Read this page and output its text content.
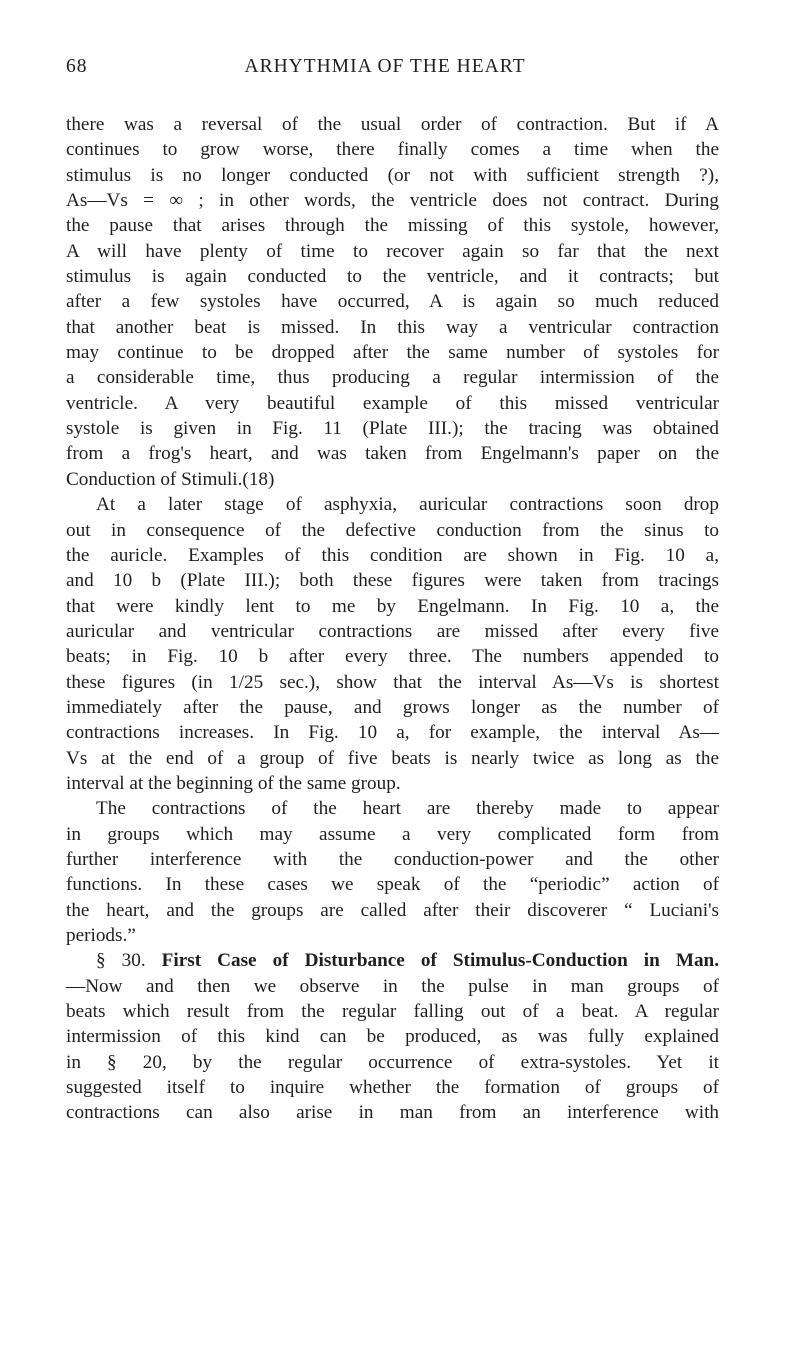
68	ARHYTHMIA OF THE HEART
there was a reversal of the usual order of contraction. But if A
continues to grow worse, there finally comes a time when the
stimulus is no longer conducted (or not with sufficient strength ?),
As—Vs = ∞ ; in other words, the ventricle does not contract. During
the pause that arises through the missing of this systole, however,
A will have plenty of time to recover again so far that the next
stimulus is again conducted to the ventricle, and it contracts; but
after a few systoles have occurred, A is again so much reduced
that another beat is missed. In this way a ventricular contraction
may continue to be dropped after the same number of systoles for
a considerable time, thus producing a regular intermission of the
ventricle. A very beautiful example of this missed ventricular
systole is given in Fig. 11 (Plate III.); the tracing was obtained
from a frog's heart, and was taken from Engelmann's paper on the
Conduction of Stimuli.(18)
At a later stage of asphyxia, auricular contractions soon drop
out in consequence of the defective conduction from the sinus to
the auricle. Examples of this condition are shown in Fig. 10 a,
and 10 b (Plate III.); both these figures were taken from tracings
that were kindly lent to me by Engelmann. In Fig. 10 a, the
auricular and ventricular contractions are missed after every five
beats; in Fig. 10 b after every three. The numbers appended to
these figures (in 1/25 sec.), show that the interval As—Vs is shortest
immediately after the pause, and grows longer as the number of
contractions increases. In Fig. 10 a, for example, the interval As—
Vs at the end of a group of five beats is nearly twice as long as the
interval at the beginning of the same group.
The contractions of the heart are thereby made to appear
in groups which may assume a very complicated form from
further interference with the conduction-power and the other
functions. In these cases we speak of the “periodic” action of
the heart, and the groups are called after their discoverer “ Luciani's
periods.”
§ 30. First Case of Disturbance of Stimulus-Conduction in Man.
—Now and then we observe in the pulse in man groups of
beats which result from the regular falling out of a beat. A regular
intermission of this kind can be produced, as was fully explained
in § 20, by the regular occurrence of extra-systoles. Yet it
suggested itself to inquire whether the formation of groups of
contractions can also arise in man from an interference with
